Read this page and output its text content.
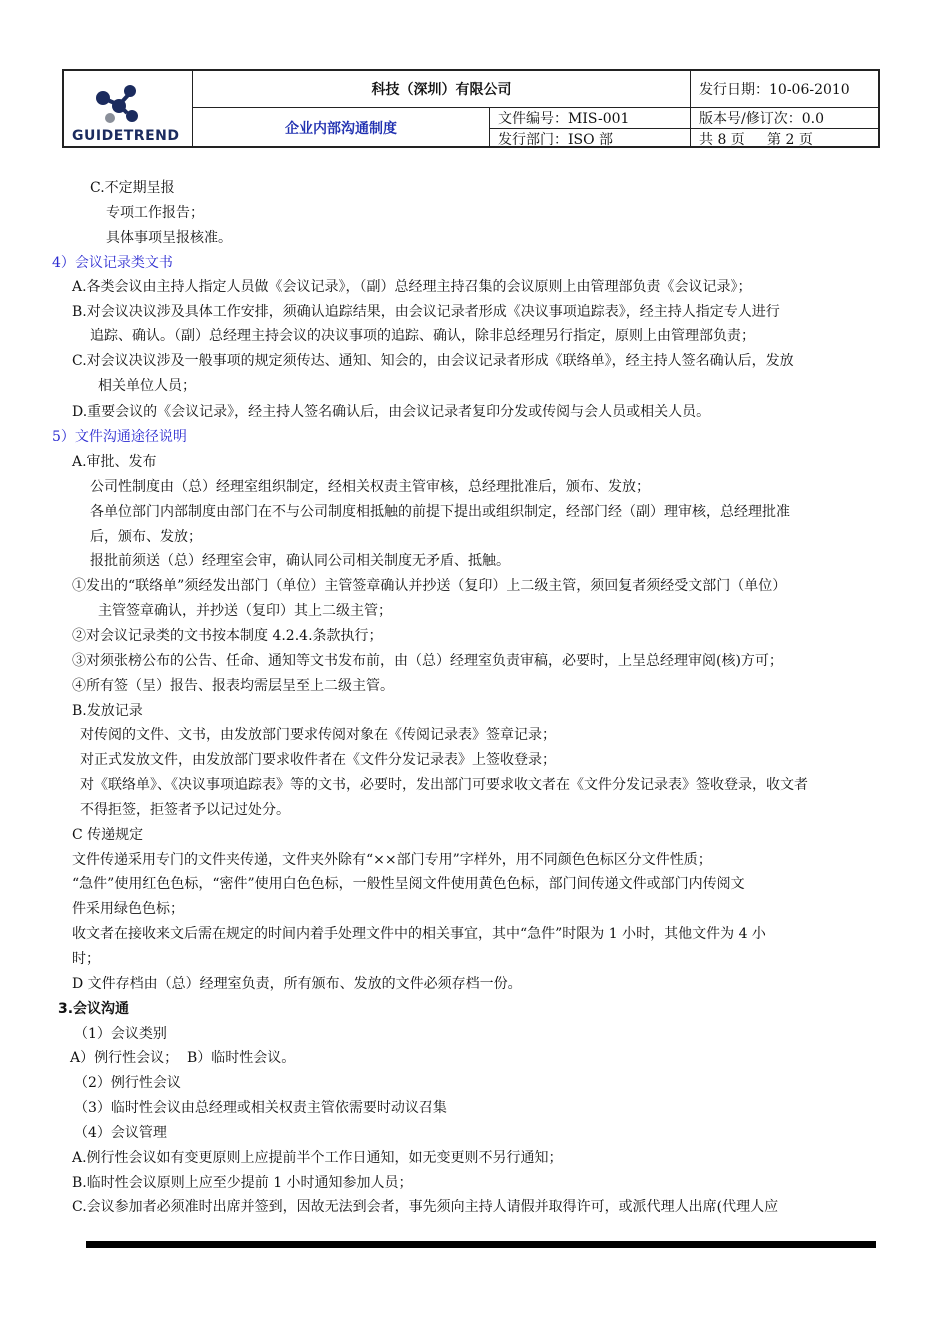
GUIDETREND
科技（深圳）有限公司	发行日期：10-06-2010
企业内部沟通制度
文件编号：MIS-001	版本号/修订次：0.0
发行部门：ISO 部	共 8 页     第 2 页
C.不定期呈报
专项工作报告；
具体事项呈报核准。
4）会议记录类文书
A.各类会议由主持人指定人员做《会议记录》，（副）总经理主持召集的会议原则上由管理部负责《会议记录》；
B.对会议决议涉及具体工作安排，须确认追踪结果，由会议记录者形成《决议事项追踪表》，经主持人指定专人进行
追踪、确认。（副）总经理主持会议的决议事项的追踪、确认，除非总经理另行指定，原则上由管理部负责；
C.对会议决议涉及一般事项的规定须传达、通知、知会的，由会议记录者形成《联络单》，经主持人签名确认后，发放
相关单位人员；
D.重要会议的《会议记录》，经主持人签名确认后，由会议记录者复印分发或传阅与会人员或相关人员。
5）文件沟通途径说明
A.审批、发布
公司性制度由（总）经理室组织制定，经相关权责主管审核，总经理批准后，颁布、发放；
各单位部门内部制度由部门在不与公司制度相抵触的前提下提出或组织制定，经部门经（副）理审核，总经理批准
后，颁布、发放；
报批前须送（总）经理室会审，确认同公司相关制度无矛盾、抵触。
①发出的“联络单”须经发出部门（单位）主管签章确认并抄送（复印）上二级主管，须回复者须经受文部门（单位）
主管签章确认，并抄送（复印）其上二级主管；
②对会议记录类的文书按本制度 4.2.4.条款执行；
③对须张榜公布的公告、任命、通知等文书发布前，由（总）经理室负责审稿，必要时，上呈总经理审阅(核)方可；
④所有签（呈）报告、报表均需层呈至上二级主管。
B.发放记录
对传阅的文件、文书，由发放部门要求传阅对象在《传阅记录表》签章记录；
对正式发放文件，由发放部门要求收件者在《文件分发记录表》上签收登录；
对《联络单》、《决议事项追踪表》等的文书，必要时，发出部门可要求收文者在《文件分发记录表》签收登录，收文者
不得拒签，拒签者予以记过处分。
C 传递规定
文件传递采用专门的文件夹传递，文件夹外除有“××部门专用”字样外，用不同颜色色标区分文件性质；
“急件”使用红色色标，“密件”使用白色色标，一般性呈阅文件使用黄色色标，部门间传递文件或部门内传阅文
件采用绿色色标；
收文者在接收来文后需在规定的时间内着手处理文件中的相关事宜，其中“急件”时限为 1 小时，其他文件为 4 小
时；
D 文件存档由（总）经理室负责，所有颁布、发放的文件必须存档一份。
3.会议沟通
（1）会议类别
A）例行性会议；  B）临时性会议。
（2）例行性会议
（3）临时性会议由总经理或相关权责主管依需要时动议召集
（4）会议管理
A.例行性会议如有变更原则上应提前半个工作日通知，如无变更则不另行通知；
B.临时性会议原则上应至少提前 1 小时通知参加人员；
C.会议参加者必须准时出席并签到，因故无法到会者，事先须向主持人请假并取得许可，或派代理人出席(代理人应
